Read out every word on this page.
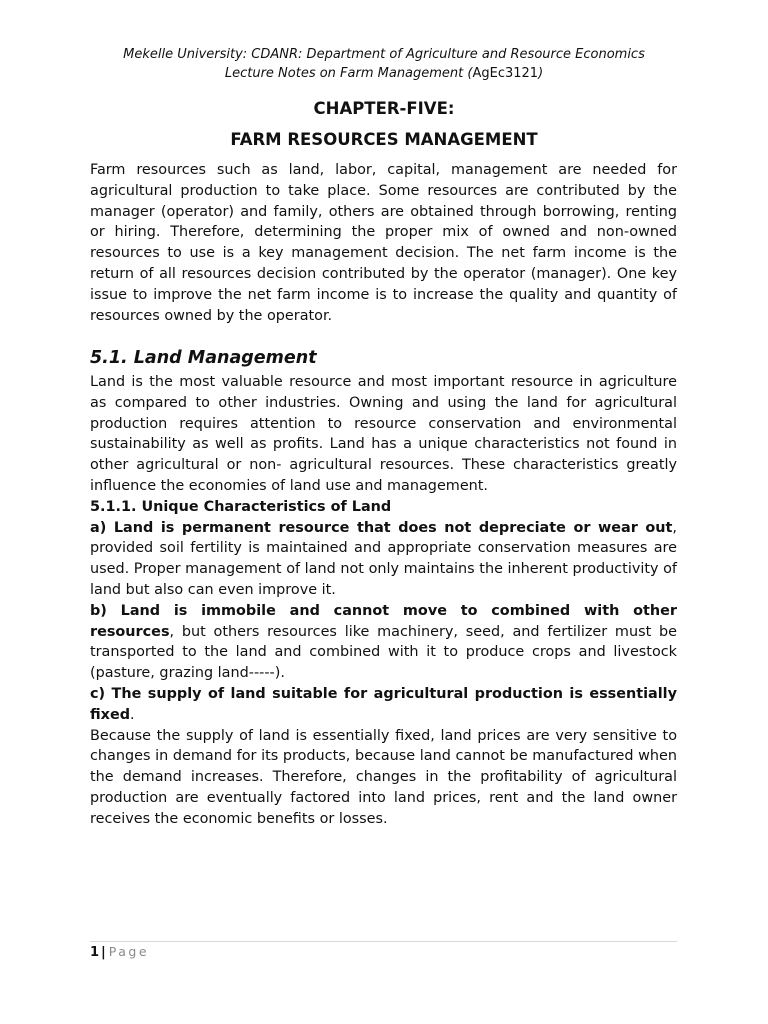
Mekelle University: CDANR: Department of Agriculture and Resource Economics
Lecture Notes on Farm Management (AgEc3121)
CHAPTER-FIVE:
FARM RESOURCES MANAGEMENT
Farm resources such as land, labor, capital, management are needed for agricultural production to take place. Some resources are contributed by the manager (operator) and family, others are obtained through borrowing, renting or hiring. Therefore, determining the proper mix of owned and non-owned resources to use is a key management decision. The net farm income is the return of all resources decision contributed by the operator (manager). One key issue to improve the net farm income is to increase the quality and quantity of resources owned by the operator.
5.1. Land Management

Land is the most valuable resource and most important resource in agriculture as compared to other industries. Owning and using the land for agricultural production requires attention to resource conservation and environmental sustainability as well as profits. Land has a unique characteristics not found in other agricultural or non- agricultural resources. These characteristics greatly influence the economies of land use and management.

5.1.1. Unique Characteristics of Land

a) Land is permanent resource that does not depreciate or wear out, provided soil fertility is maintained and appropriate conservation measures are used. Proper management of land not only maintains the inherent productivity of land but also can even improve it.

b) Land is immobile and cannot move to combined with other resources, but others resources like machinery, seed, and fertilizer must be transported to the land and combined with it to produce crops and livestock (pasture, grazing land-----).

c) The supply of land suitable for agricultural production is essentially fixed.

Because the supply of land is essentially fixed, land prices are very sensitive to changes in demand for its products, because land cannot be manufactured when the demand increases. Therefore, changes in the profitability of agricultural production are eventually factored into land prices, rent and the land owner receives the economic benefits or losses.

1 | Page
